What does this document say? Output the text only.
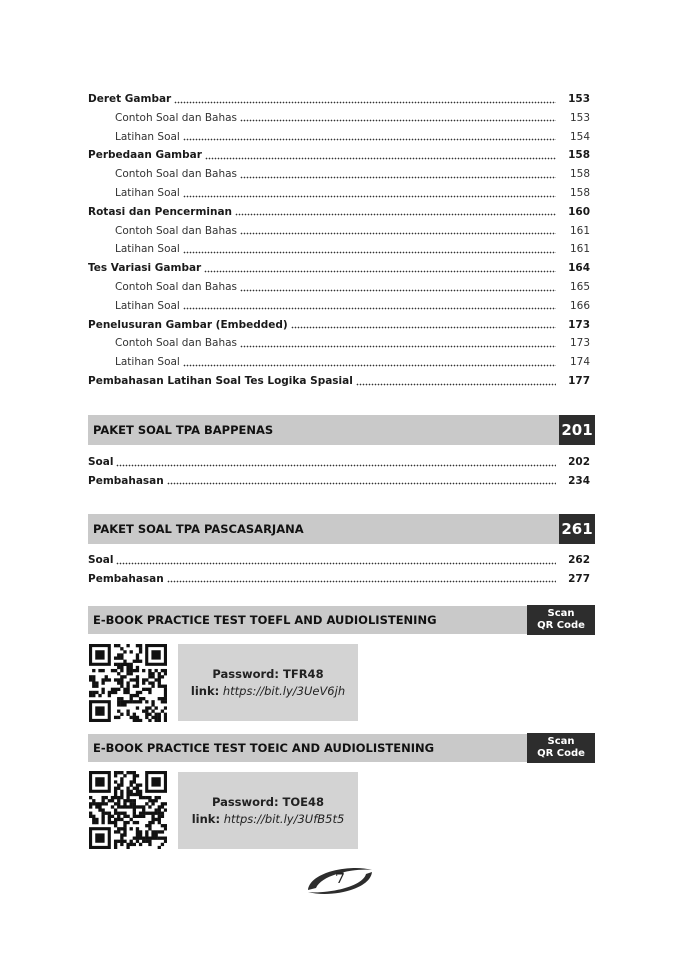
Deret Gambar	153
Contoh Soal dan Bahas	153
Latihan Soal	154
Perbedaan Gambar	158
Contoh Soal dan Bahas	158
Latihan Soal	158
Rotasi dan Pencerminan	160
Contoh Soal dan Bahas	161
Latihan Soal	161
Tes Variasi Gambar	164
Contoh Soal dan Bahas	165
Latihan Soal	166
Penelusuran Gambar (Embedded)	173
Contoh Soal dan Bahas	173
Latihan Soal	174
Pembahasan Latihan Soal Tes Logika Spasial	177
PAKET SOAL TPA BAPPENAS	201
Soal	202
Pembahasan	234
PAKET SOAL TPA PASCASARJANA	261
Soal	262
Pembahasan	277
E-BOOK PRACTICE TEST TOEFL AND AUDIOLISTENING	Scan
QR Code
Password: TFR48
link: https://bit.ly/3UeV6jh
E-BOOK PRACTICE TEST TOEIC AND AUDIOLISTENING	Scan
QR Code
Password: TOE48
link: https://bit.ly/3UfB5t5
7
